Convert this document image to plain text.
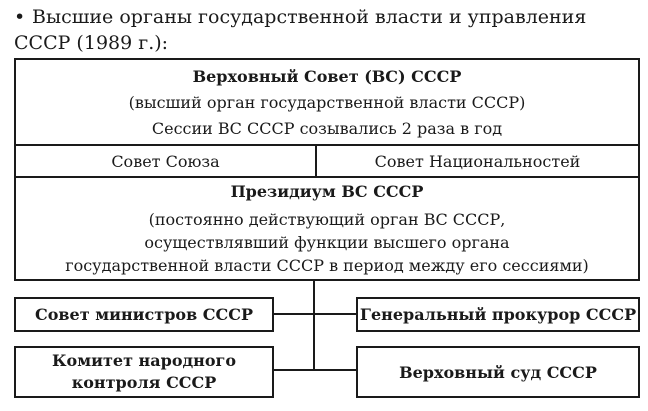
• Высшие органы государственной власти и управления
СССР (1989 г.):
Верховный Совет (ВС) СССР
(высший орган государственной власти СССР)
Сессии ВС СССР созывались 2 раза в год
Совет Союза	Совет Национальностей
Президиум ВС СССР
(постоянно действующий орган ВС СССР,
осуществлявший функции высшего органа
государственной власти СССР в период между его сессиями)
Совет министров СССР	Генеральный прокурор СССР
Комитет народного
контроля СССР
Верховный суд СССР
